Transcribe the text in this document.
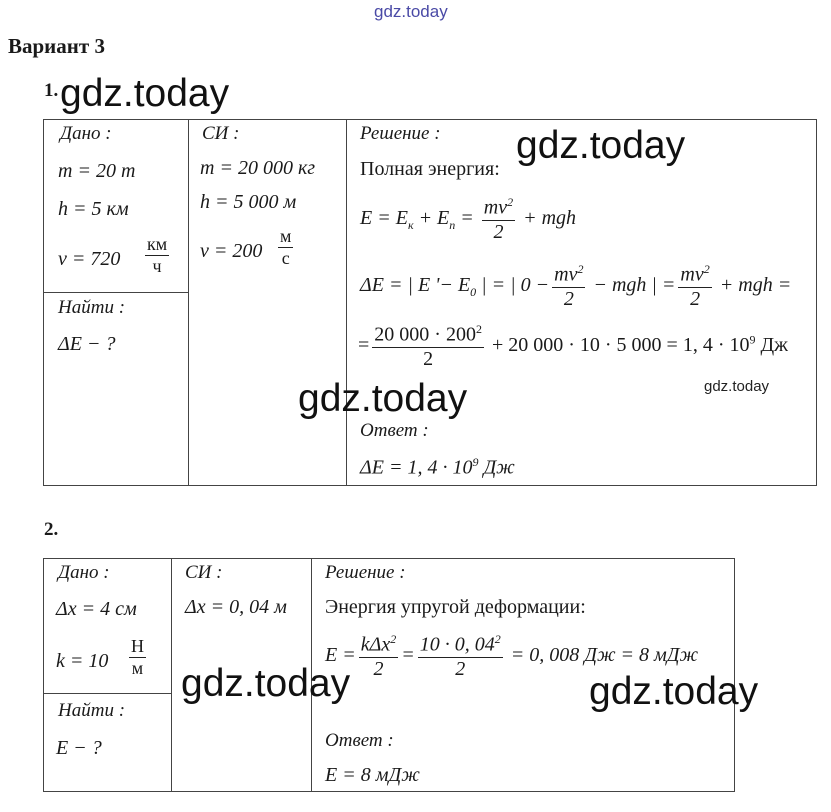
gdz.today
Вариант 3
1. gdz.today
Дано :
m = 20 т
h = 5 км
$v = 720 \frac{км}{ч}$
Найти :
ΔE − ?
СИ :
m = 20 000 кг
h = 5 000 м
$v = 200 \frac{м}{с}$
Решение : gdz.today
Полная энергия:
$E = E_к + E_п = \frac{mv^2}{2}$ + mgh
ΔE = | E '− $E_0$ | = | $0 - \frac{mv^2}{2}$ − mgh | = $\frac{mv^2}{2}$ + mgh =
= $\frac{20 000 \cdot 200^2}{2} + 20$ 000 · 10 · 5 000 = 1, $4 \cdot 10^9$ Дж
gdz.today
gdz.today
Ответ :
ΔE = 1, $4 \cdot 10^9$ Дж
2.
Дано :
Δx = 4 см
$k = 10 \frac{Н}{м}$
Найти :
E − ?
СИ :
Δx = 0, 04 м
Решение :
Энергия упругой деформации:
$E = \frac{k\Delta x^2}{2} = \frac{10 \cdot 0, 04^2}{2} = 0$, 008 Дж = 8 мДж
gdz.today	gdz.today
Ответ :
E = 8 мДж
